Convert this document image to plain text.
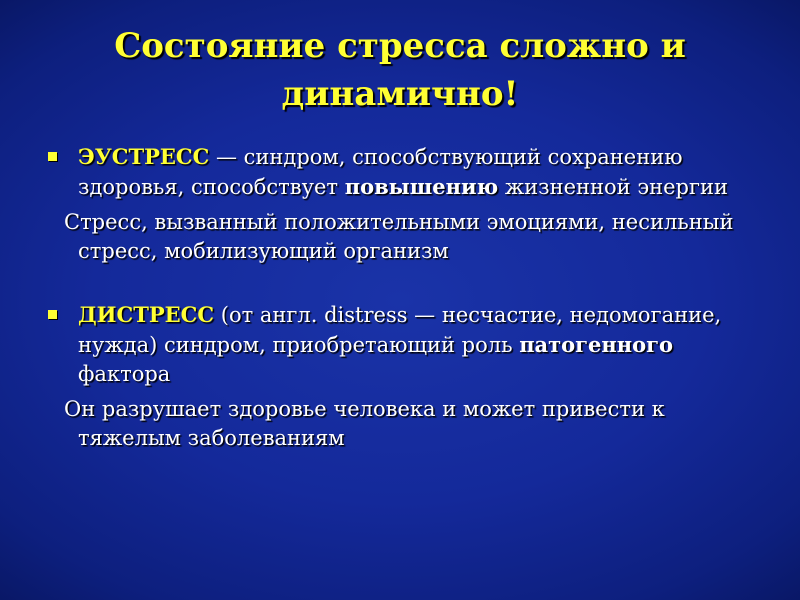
Состояние стресса сложно и динамично!
ЭУСТРЕСС — синдром, способствующий сохранению здоровья, способствует повышению жизненной энергии
Стресс, вызванный положительными эмоциями, несильный стресс, мобилизующий организм
ДИСТРЕСС (от англ. distress — несчастие, недомогание, нужда) синдром, приобретающий роль патогенного фактора
Он разрушает здоровье человека и может привести к тяжелым заболеваниям
